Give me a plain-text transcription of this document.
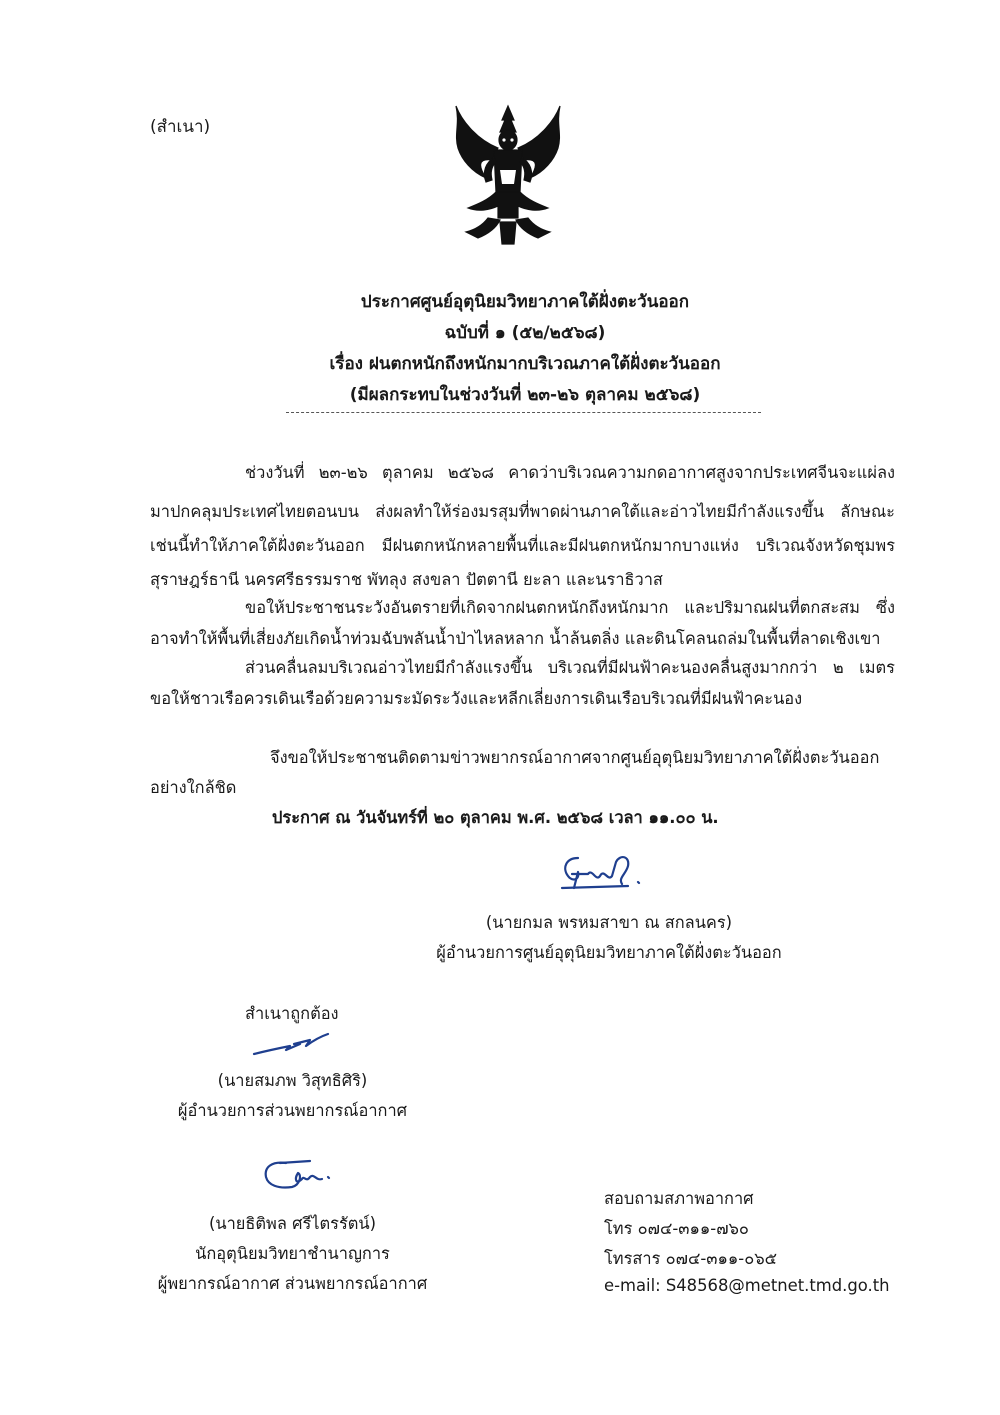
(สำเนา)
ประกาศศูนย์อุตุนิยมวิทยาภาคใต้ฝั่งตะวันออก
ฉบับที่ ๑ (๕๒/๒๕๖๘)
เรื่อง ฝนตกหนักถึงหนักมากบริเวณภาคใต้ฝั่งตะวันออก
(มีผลกระทบในช่วงวันที่ ๒๓-๒๖ ตุลาคม ๒๕๖๘)
ช่วงวันที่ ๒๓-๒๖ ตุลาคม ๒๕๖๘ คาดว่าบริเวณความกดอากาศสูงจากประเทศจีนจะแผ่ลง
มาปกคลุมประเทศไทยตอนบน ส่งผลทำให้ร่องมรสุมที่พาดผ่านภาคใต้และอ่าวไทยมีกำลังแรงขึ้น ลักษณะ
เช่นนี้ทำให้ภาคใต้ฝั่งตะวันออก มีฝนตกหนักหลายพื้นที่และมีฝนตกหนักมากบางแห่ง บริเวณจังหวัดชุมพร
สุราษฎร์ธานี นครศรีธรรมราช พัทลุง สงขลา ปัตตานี ยะลา และนราธิวาส
ขอให้ประชาชนระวังอันตรายที่เกิดจากฝนตกหนักถึงหนักมาก และปริมาณฝนที่ตกสะสม ซึ่ง
อาจทำให้พื้นที่เสี่ยงภัยเกิดน้ำท่วมฉับพลันน้ำป่าไหลหลาก น้ำล้นตลิ่ง และดินโคลนถล่มในพื้นที่ลาดเชิงเขา
ส่วนคลื่นลมบริเวณอ่าวไทยมีกำลังแรงขึ้น บริเวณที่มีฝนฟ้าคะนองคลื่นสูงมากกว่า ๒ เมตร
ขอให้ชาวเรือควรเดินเรือด้วยความระมัดระวังและหลีกเลี่ยงการเดินเรือบริเวณที่มีฝนฟ้าคะนอง
จึงขอให้ประชาชนติดตามข่าวพยากรณ์อากาศจากศูนย์อุตุนิยมวิทยาภาคใต้ฝั่งตะวันออก
อย่างใกล้ชิด
ประกาศ ณ วันจันทร์ที่ ๒๐ ตุลาคม พ.ศ. ๒๕๖๘ เวลา ๑๑.๐๐ น.
(นายกมล พรหมสาขา ณ สกลนคร)
ผู้อำนวยการศูนย์อุตุนิยมวิทยาภาคใต้ฝั่งตะวันออก
สำเนาถูกต้อง
(นายสมภพ วิสุทธิศิริ)
ผู้อำนวยการส่วนพยากรณ์อากาศ
(นายธิติพล ศรีไตรรัตน์)
นักอุตุนิยมวิทยาชำนาญการ
ผู้พยากรณ์อากาศ ส่วนพยากรณ์อากาศ
สอบถามสภาพอากาศ
โทร ๐๗๔-๓๑๑-๗๖๐
โทรสาร ๐๗๔-๓๑๑-๐๖๕
e-mail: S48568@metnet.tmd.go.th
